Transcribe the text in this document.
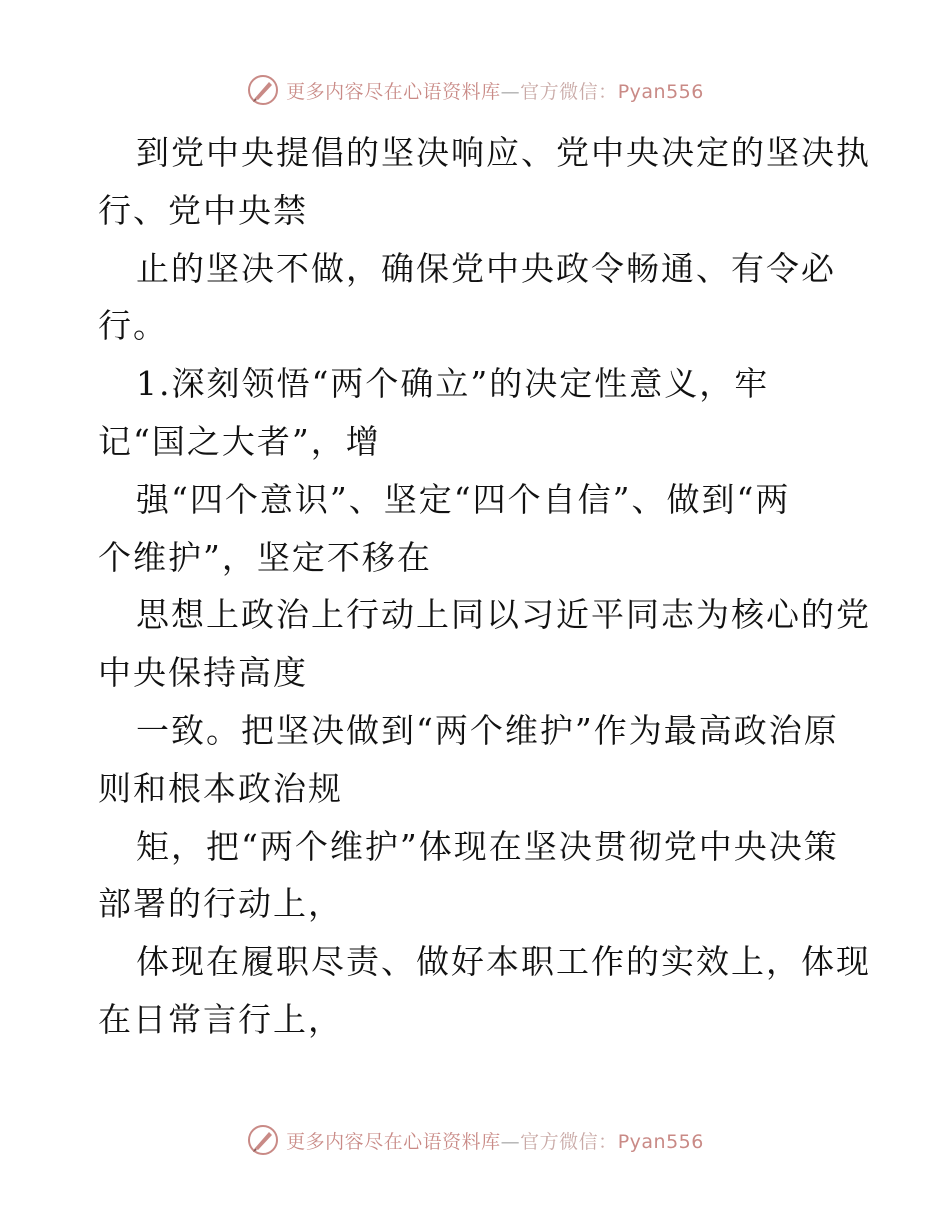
更多内容尽在心语资料库—官方微信：Pyan556
到党中央提倡的坚决响应、党中央决定的坚决执
行、党中央禁
止的坚决不做，确保党中央政令畅通、有令必
行。
1.深刻领悟“两个确立”的决定性意义，牢
记“国之大者”，增
强“四个意识”、坚定“四个自信”、做到“两
个维护”，坚定不移在
思想上政治上行动上同以习近平同志为核心的党
中央保持高度
一致。把坚决做到“两个维护”作为最高政治原
则和根本政治规
矩，把“两个维护”体现在坚决贯彻党中央决策
部署的行动上，
体现在履职尽责、做好本职工作的实效上，体现
在日常言行上，
更多内容尽在心语资料库—官方微信：Pyan556
